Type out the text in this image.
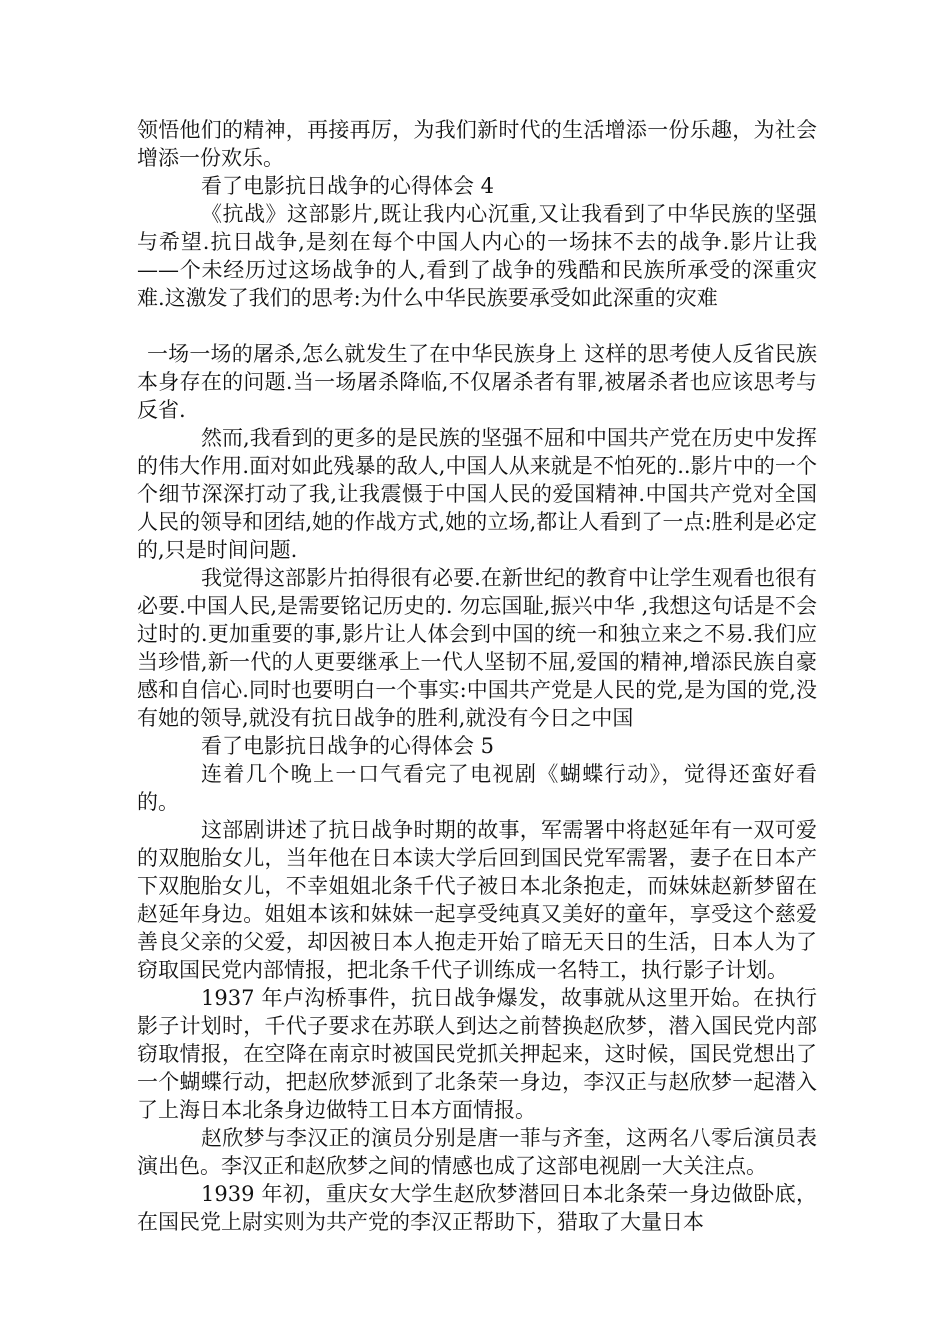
领悟他们的精神，再接再厉，为我们新时代的生活增添一份乐趣，为社会增添一份欢乐。

看了电影抗日战争的心得体会 4

《抗战》这部影片,既让我内心沉重,又让我看到了中华民族的坚强与希望.抗日战争,是刻在每个中国人内心的一场抹不去的战争.影片让我——个未经历过这场战争的人,看到了战争的残酷和民族所承受的深重灾难.这激发了我们的思考:为什么中华民族要承受如此深重的灾难

一场一场的屠杀,怎么就发生了在中华民族身上 这样的思考使人反省民族本身存在的问题.当一场屠杀降临,不仅屠杀者有罪,被屠杀者也应该思考与反省.

然而,我看到的更多的是民族的坚强不屈和中国共产党在历史中发挥的伟大作用.面对如此残暴的敌人,中国人从来就是不怕死的..影片中的一个个细节深深打动了我,让我震慑于中国人民的爱国精神.中国共产党对全国人民的领导和团结,她的作战方式,她的立场,都让人看到了一点:胜利是必定的,只是时间问题.

我觉得这部影片拍得很有必要.在新世纪的教育中让学生观看也很有必要.中国人民,是需要铭记历史的. 勿忘国耻,振兴中华 ,我想这句话是不会过时的.更加重要的事,影片让人体会到中国的统一和独立来之不易.我们应当珍惜,新一代的人更要继承上一代人坚韧不屈,爱国的精神,增添民族自豪感和自信心.同时也要明白一个事实:中国共产党是人民的党,是为国的党,没有她的领导,就没有抗日战争的胜利,就没有今日之中国

看了电影抗日战争的心得体会 5

连着几个晚上一口气看完了电视剧《蝴蝶行动》，觉得还蛮好看的。

这部剧讲述了抗日战争时期的故事，军需署中将赵延年有一双可爱的双胞胎女儿，当年他在日本读大学后回到国民党军需署，妻子在日本产下双胞胎女儿，不幸姐姐北条千代子被日本北条抱走，而妹妹赵新梦留在赵延年身边。姐姐本该和妹妹一起享受纯真又美好的童年，享受这个慈爱善良父亲的父爱，却因被日本人抱走开始了暗无天日的生活，日本人为了窃取国民党内部情报，把北条千代子训练成一名特工，执行影子计划。

1937 年卢沟桥事件，抗日战争爆发，故事就从这里开始。在执行影子计划时，千代子要求在苏联人到达之前替换赵欣梦，潜入国民党内部窃取情报，在空降在南京时被国民党抓关押起来，这时候，国民党想出了一个蝴蝶行动，把赵欣梦派到了北条荣一身边，李汉正与赵欣梦一起潜入了上海日本北条身边做特工日本方面情报。

赵欣梦与李汉正的演员分别是唐一菲与齐奎，这两名八零后演员表演出色。李汉正和赵欣梦之间的情感也成了这部电视剧一大关注点。

1939 年初，重庆女大学生赵欣梦潜回日本北条荣一身边做卧底，在国民党上尉实则为共产党的李汉正帮助下，猎取了大量日本
